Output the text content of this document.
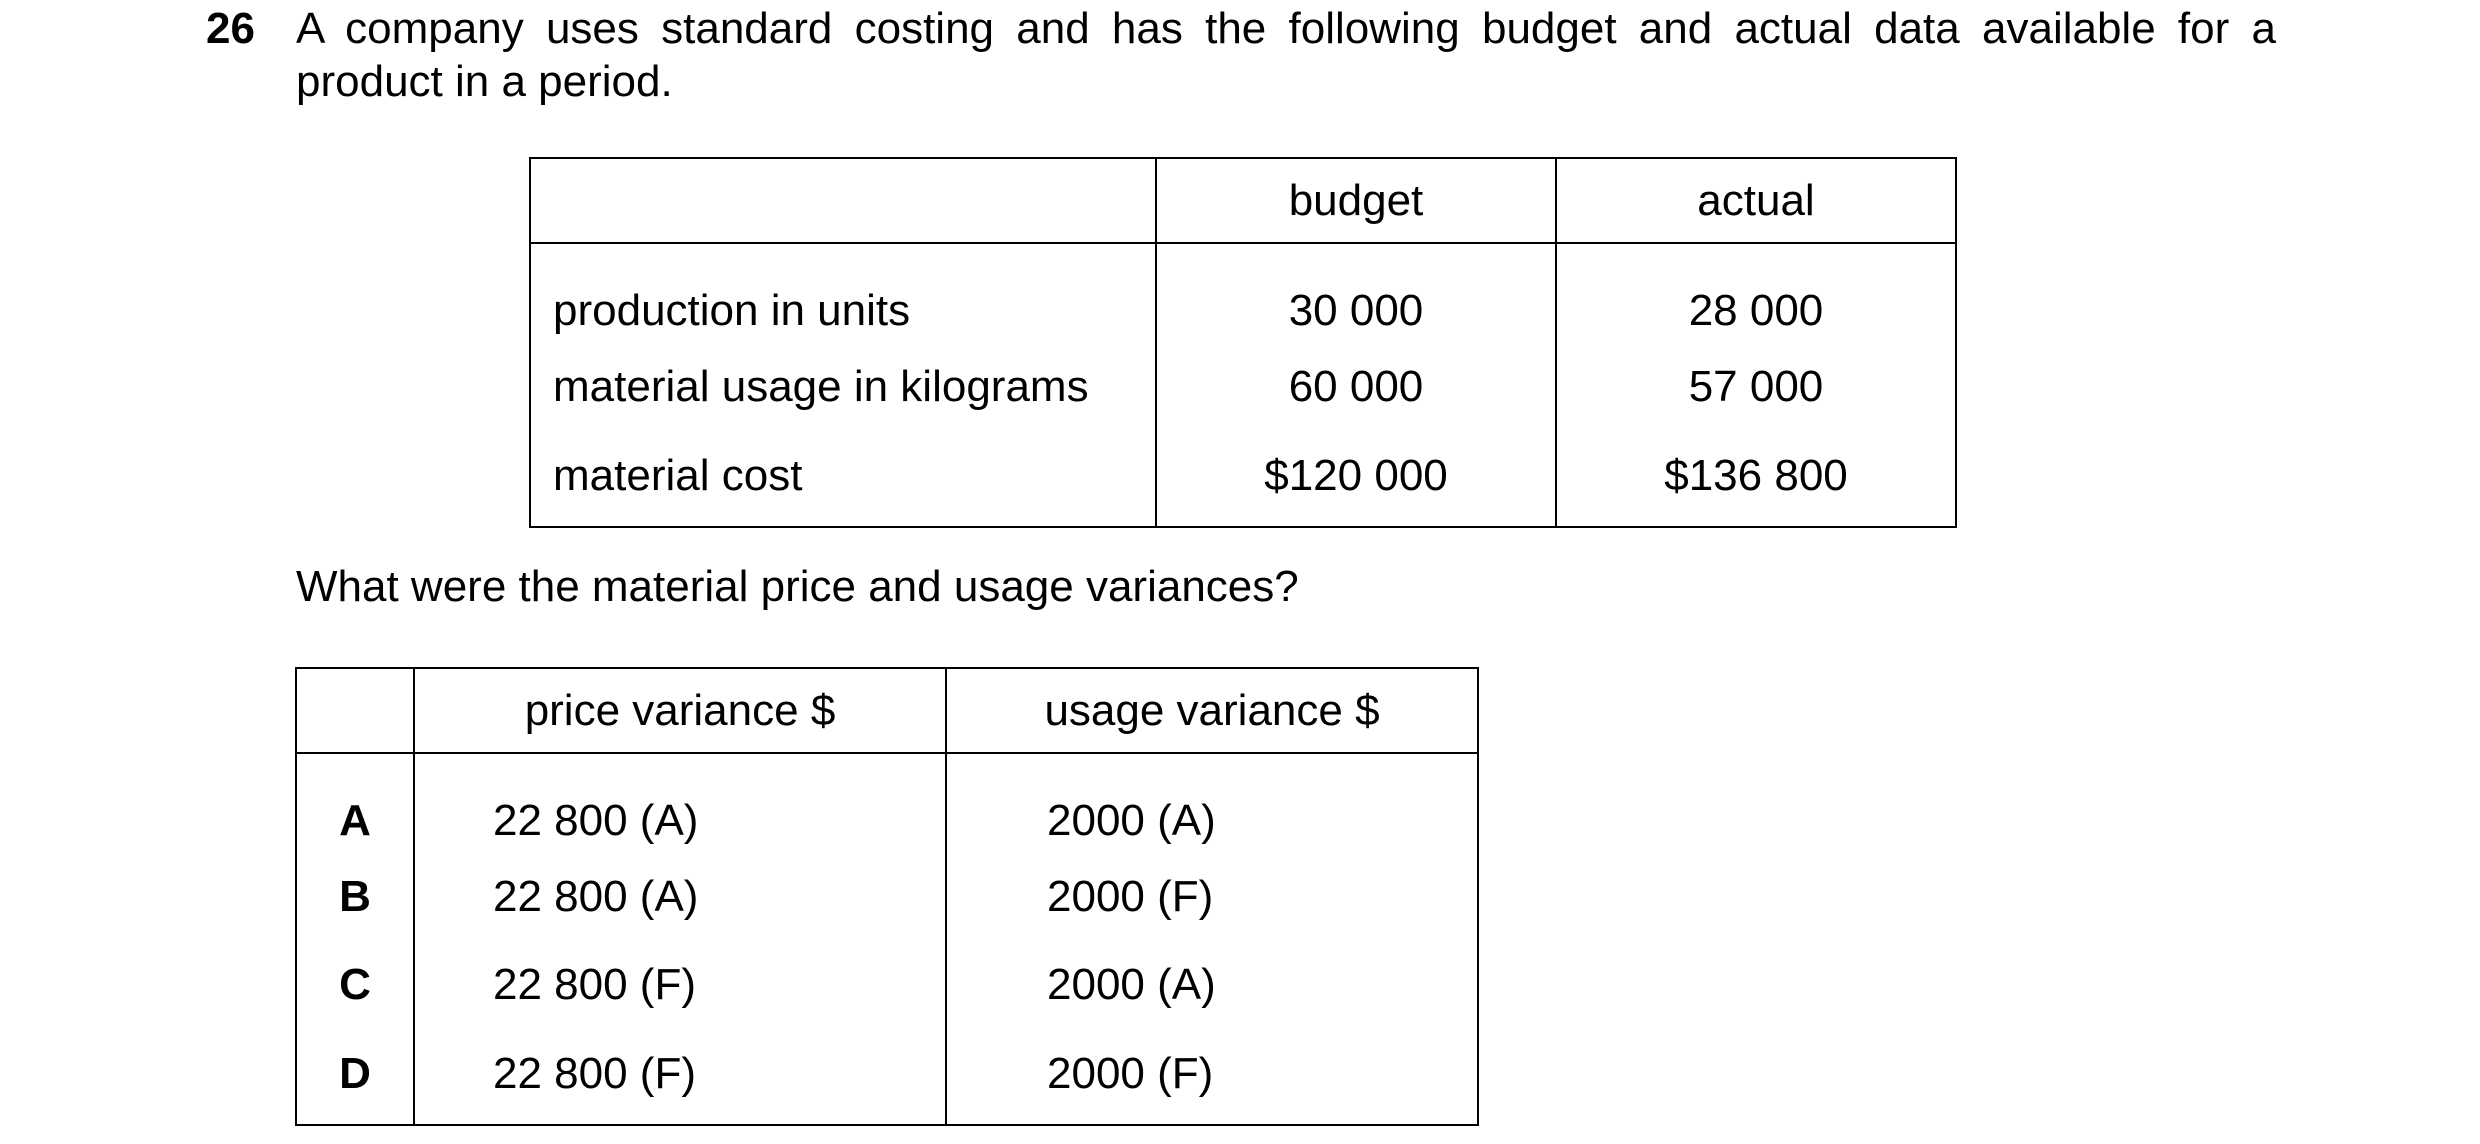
26 A company uses standard costing and has the following budget and actual data available for a product in a period.
	budget	actual
production in units	30 000	28 000
material usage in kilograms	60 000	57 000
material cost	$120 000	$136 800
What were the material price and usage variances?
	price variance $	usage variance $

A	22 800 (A)	2000 (A)

B	22 800 (A)	2000 (F)

C	22 800 (F)	2000 (A)

D	22 800 (F)	2000 (F)
